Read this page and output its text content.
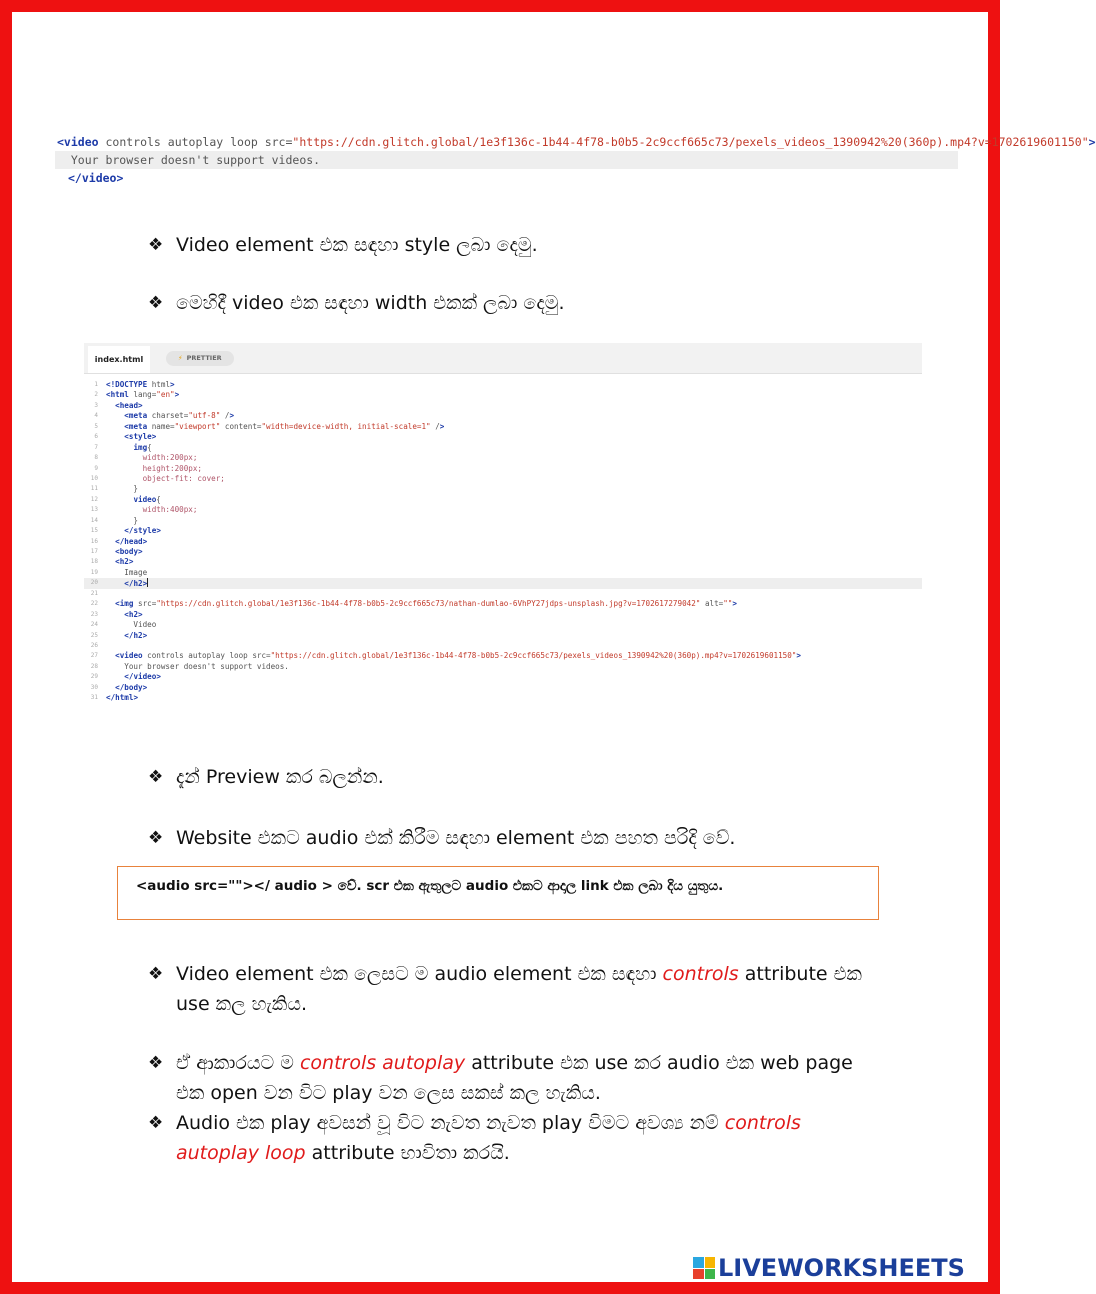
<video controls autoplay loop src="https://cdn.glitch.global/1e3f136c-1b44-4f78-b0b5-2c9ccf665c73/pexels_videos_1390942%20(360p).mp4?v=1702619601150">
Your browser doesn't support videos.
</video>
❖ Video element එක සඳහා style ලබා දෙමු.
❖ මෙහිදී video එක සඳහා width එකක් ලබා දෙමු.
index.html	⚡ PRETTIER
1 <!DOCTYPE html>
2 <html lang="en">
3	<head>
4	<meta charset="utf-8" />
5	<meta name="viewport" content="width=device-width, initial-scale=1" />
6	<style>
7	img{
8 width:200px;
9 height:200px;
10 object-fit: cover;
11 }
12	video{
13 width:400px;
14 }
15	</style>
16	</head>
17	<body>
18	<h2>
19 Image
20	</h2>
21
22	<img src="https://cdn.glitch.global/1e3f136c-1b44-4f78-b0b5-2c9ccf665c73/nathan-dumlao-6VhPY27jdps-unsplash.jpg?v=1702617279042" alt="">
23	<h2>
24 Video
25	</h2>
26
27	<video controls autoplay loop src="https://cdn.glitch.global/1e3f136c-1b44-4f78-b0b5-2c9ccf665c73/pexels_videos_1390942%20(360p).mp4?v=1702619601150">
28 Your browser doesn't support videos.
29	</video>
30	</body>
31 </html>
❖ දැන් Preview කර බලන්න.
❖ Website එකට audio එක් කිරීම සඳහා element එක පහත පරිදි වේ.
<audio src=""></ audio > වේ. scr එක ඇතුලට audio එකට ආදාල link එක ලබා දිය යුතුය.
❖ Video element එක ලෙසට ම audio element එක සඳහා controls attribute එක use කල හැකිය.
❖ ඒ ආකාරයට ම controls autoplay attribute එක use කර audio එක web page එක open වන විට play වන ලෙස සකස් කල හැකිය.
❖ Audio එක play අවසන් වූ විට නැවත නැවත play විමට අවශ්‍ය නම් controls autoplay loop attribute භාවිතා කරයි.
LIVEWORKSHEETS
